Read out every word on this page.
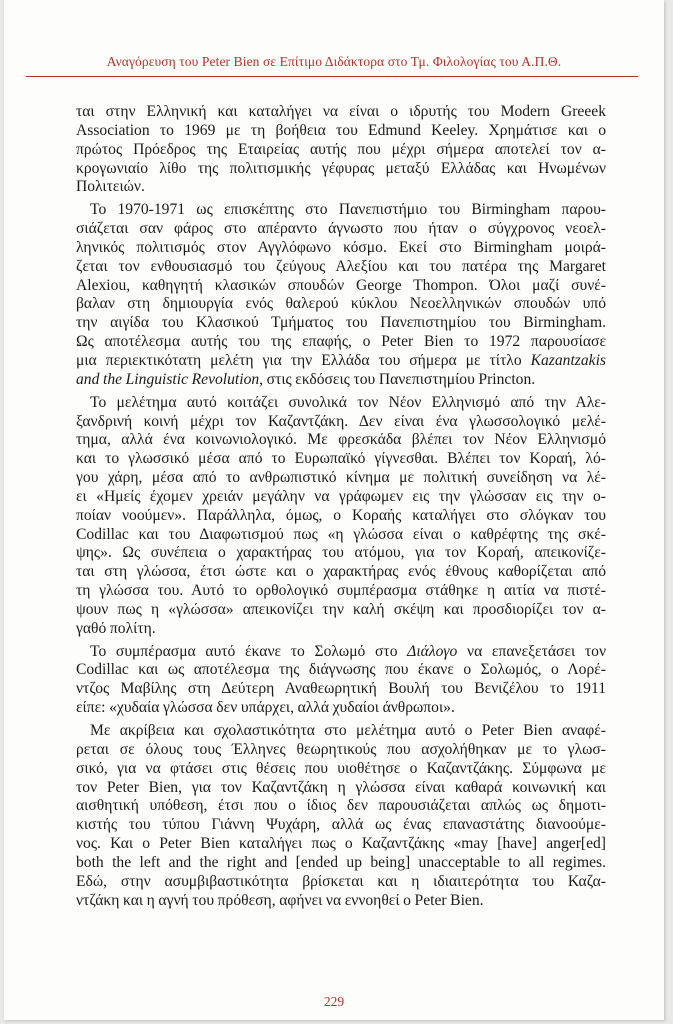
Αναγόρευση του Peter Bien σε Επίτιμο Διδάκτορα στο Τμ. Φιλολογίας του Α.Π.Θ.
ται στην Ελληνική και καταλήγει να είναι ο ιδρυτής του Modern Greeek
Association το 1969 με τη βοήθεια του Edmund Keeley. Χρημάτισε και ο
πρώτος Πρόεδρος της Εταιρείας αυτής που μέχρι σήμερα αποτελεί τον α-
κρογωνιαίο λίθο της πολιτισμικής γέφυρας μεταξύ Ελλάδας και Ηνωμένων
Πολιτειών.
Το 1970-1971 ως επισκέπτης στο Πανεπιστήμιο του Birmingham παρου-
σιάζεται σαν φάρος στο απέραντο άγνωστο που ήταν ο σύγχρονος νεοελ-
ληνικός πολιτισμός στον Αγγλόφωνο κόσμο. Εκεί στο Birmingham μοιρά-
ζεται τον ενθουσιασμό του ζεύγους Αλεξίου και του πατέρα της Margaret
Alexiou, καθηγητή κλασικών σπουδών George Thompon. Όλοι μαζί συνέ-
βαλαν στη δημιουργία ενός θαλερού κύκλου Νεοελληνικών σπουδών υπό
την αιγίδα του Κλασικού Τμήματος του Πανεπιστημίου του Birmingham.
Ως αποτέλεσμα αυτής του της επαφής, ο Peter Bien το 1972 παρουσίασε
μια περιεκτικότατη μελέτη για την Ελλάδα του σήμερα με τίτλο Kazantzakis
and the Linguistic Revolution, στις εκδόσεις του Πανεπιστημίου Princton.
Το μελέτημα αυτό κοιτάζει συνολικά τον Νέον Ελληνισμό από την Αλε-
ξανδρινή κοινή μέχρι τον Καζαντζάκη. Δεν είναι ένα γλωσσολογικό μελέ-
τημα, αλλά ένα κοινωνιολογικό. Με φρεσκάδα βλέπει τον Νέον Ελληνισμό
και το γλωσσικό μέσα από το Ευρωπαϊκό γίγνεσθαι. Βλέπει τον Κοραή, λό-
γου χάρη, μέσα από το ανθρωπιστικό κίνημα με πολιτική συνείδηση να λέ-
ει «Ημείς έχομεν χρειάν μεγάλην να γράφωμεν εις την γλώσσαν εις την ο-
ποίαν νοούμεν». Παράλληλα, όμως, ο Κοραής καταλήγει στο σλόγκαν του
Codillac και του Διαφωτισμού πως «η γλώσσα είναι ο καθρέφτης της σκέ-
ψης». Ως συνέπεια ο χαρακτήρας του ατόμου, για τον Κοραή, απεικονίζε-
ται στη γλώσσα, έτσι ώστε και ο χαρακτήρας ενός έθνους καθορίζεται από
τη γλώσσα του. Αυτό το ορθολογικό συμπέρασμα στάθηκε η αιτία να πιστέ-
ψουν πως η «γλώσσα» απεικονίζει την καλή σκέψη και προσδιορίζει τον α-
γαθό πολίτη.
Το συμπέρασμα αυτό έκανε το Σολωμό στο Διάλογο να επανεξετάσει τον
Codillac και ως αποτέλεσμα της διάγνωσης που έκανε ο Σολωμός, ο Λορέ-
ντζος Μαβίλης στη Δεύτερη Αναθεωρητική Βουλή του Βενιζέλου το 1911
είπε: «χυδαία γλώσσα δεν υπάρχει, αλλά χυδαίοι άνθρωποι».
Με ακρίβεια και σχολαστικότητα στο μελέτημα αυτό ο Peter Bien αναφέ-
ρεται σε όλους τους Έλληνες θεωρητικούς που ασχολήθηκαν με το γλωσ-
σικό, για να φτάσει στις θέσεις που υιοθέτησε ο Καζαντζάκης. Σύμφωνα με
τον Peter Bien, για τον Καζαντζάκη η γλώσσα είναι καθαρά κοινωνική και
αισθητική υπόθεση, έτσι που ο ίδιος δεν παρουσιάζεται απλώς ως δημοτι-
κιστής του τύπου Γιάννη Ψυχάρη, αλλά ως ένας επαναστάτης διανοούμε-
νος. Και ο Peter Bien καταλήγει πως ο Καζαντζάκης «may [have] anger[ed]
both the left and the right and [ended up being] unacceptable to all regimes.
Εδώ, στην ασυμβιβαστικότητα βρίσκεται και η ιδιαιτερότητα του Καζα-
ντζάκη και η αγνή του πρόθεση, αφήνει να εννοηθεί ο Peter Bien.
229
